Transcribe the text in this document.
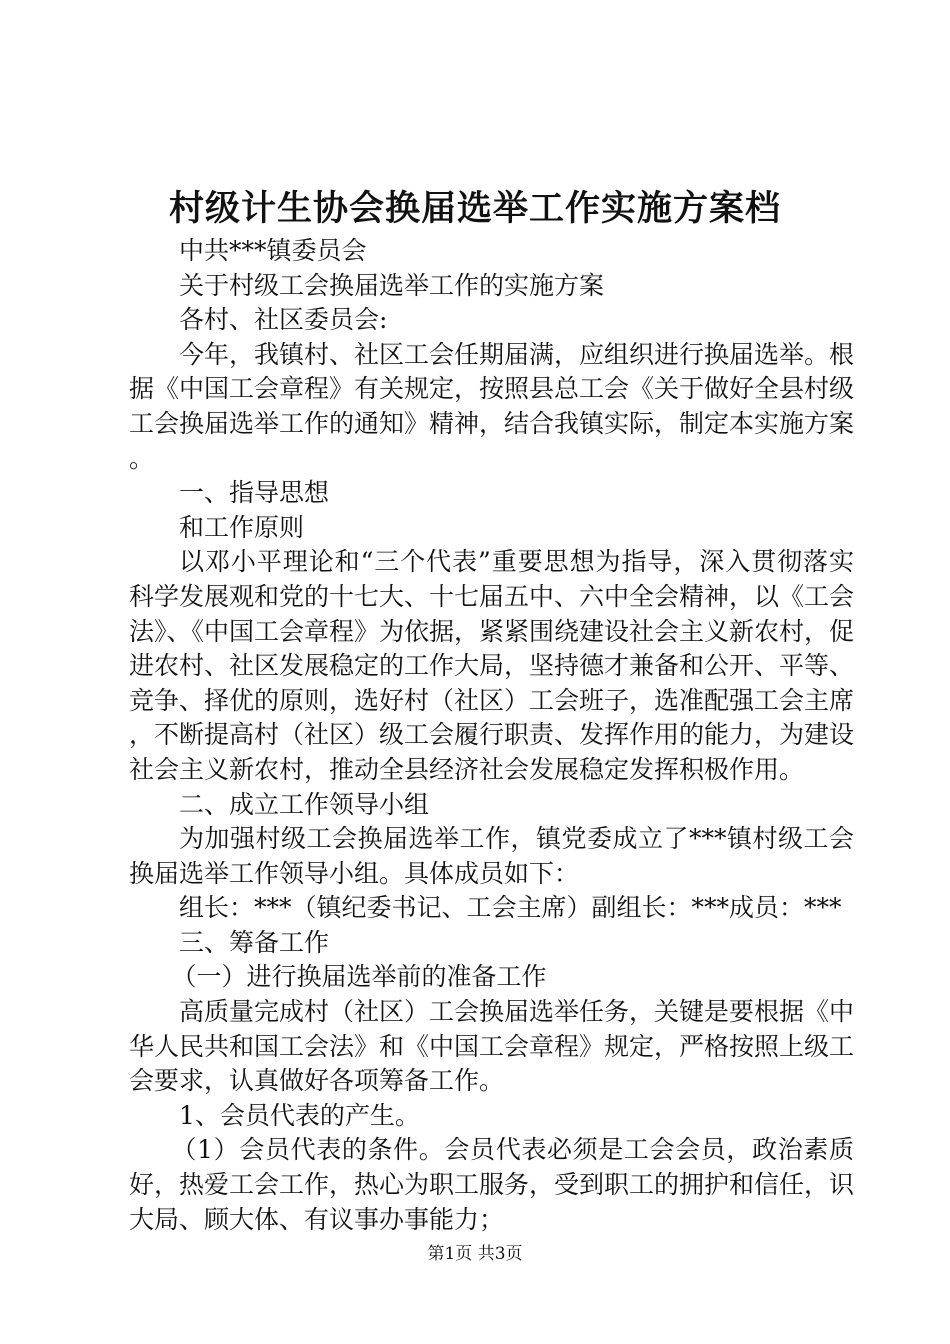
村级计生协会换届选举工作实施方案档

中共***镇委员会

关于村级工会换届选举工作的实施方案

各村、社区委员会:

今年，我镇村、社区工会任期届满，应组织进行换届选举。根据《中国工会章程》有关规定，按照县总工会《关于做好全县村级工会换届选举工作的通知》精神，结合我镇实际，制定本实施方案。

一、指导思想

和工作原则

以邓小平理论和“三个代表”重要思想为指导，深入贯彻落实科学发展观和党的十七大、十七届五中、六中全会精神，以《工会法》、《中国工会章程》为依据，紧紧围绕建设社会主义新农村，促进农村、社区发展稳定的工作大局，坚持德才兼备和公开、平等、竞争、择优的原则，选好村（社区）工会班子，选准配强工会主席，不断提高村（社区）级工会履行职责、发挥作用的能力，为建设社会主义新农村，推动全县经济社会发展稳定发挥积极作用。

二、成立工作领导小组

为加强村级工会换届选举工作，镇党委成立了***镇村级工会换届选举工作领导小组。具体成员如下：

组长：***（镇纪委书记、工会主席）副组长：***成员：***

三、筹备工作

（一）进行换届选举前的准备工作

高质量完成村（社区）工会换届选举任务，关键是要根据《中华人民共和国工会法》和《中国工会章程》规定，严格按照上级工会要求，认真做好各项筹备工作。

1、会员代表的产生。

（1）会员代表的条件。会员代表必须是工会会员，政治素质好，热爱工会工作，热心为职工服务，受到职工的拥护和信任，识大局、顾大体、有议事办事能力；

第1页 共3页
